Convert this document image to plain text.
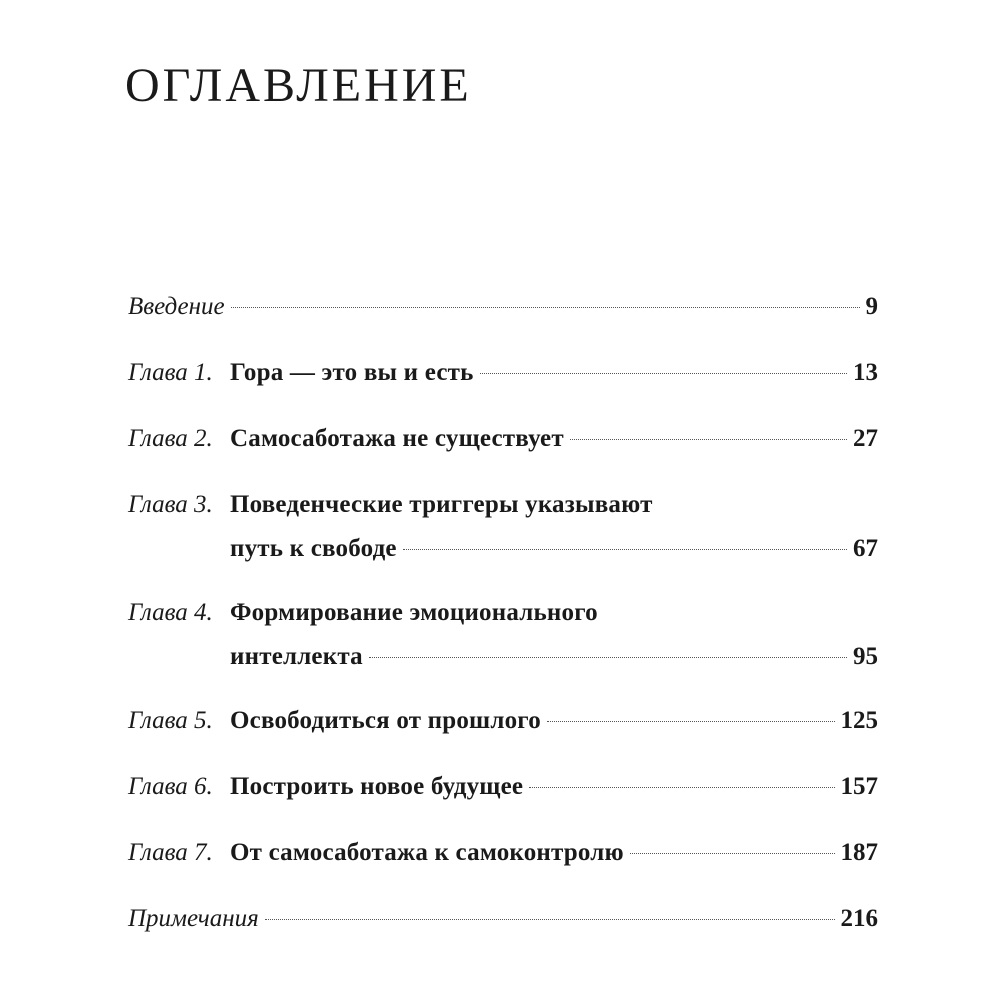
ОГЛАВЛЕНИЕ
Введение	9
Глава 1. Гора — это вы и есть	13
Глава 2. Самосаботажа не существует	27
Глава 3. Поведенческие триггеры указывают
путь к свободе	67
Глава 4. Формирование эмоционального
интеллекта	95
Глава 5. Освободиться от прошлого	125
Глава 6. Построить новое будущее	157
Глава 7. От самосаботажа к самоконтролю	187
Примечания	216
